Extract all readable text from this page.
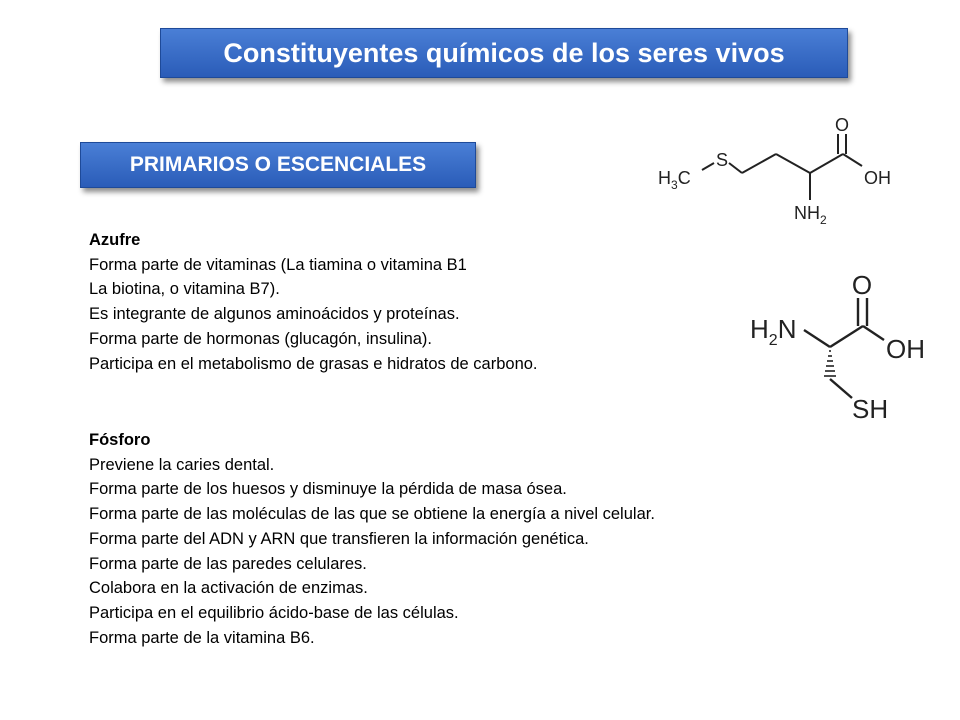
Constituyentes químicos de los seres vivos
PRIMARIOS O ESCENCIALES
Azufre
Forma parte de vitaminas (La tiamina o vitamina B1
La biotina, o vitamina B7).
Es integrante de algunos aminoácidos y proteínas.
Forma parte de hormonas (glucagón, insulina).
Participa en el metabolismo de grasas e hidratos de carbono.
Fósforo
Previene la caries dental.
Forma parte de los huesos y disminuye la pérdida de masa ósea.
Forma parte de las moléculas de las que se obtiene la energía a nivel celular.
Forma parte del ADN y ARN que transfieren la información genética.
Forma parte de las paredes celulares.
Colabora en la activación de enzimas.
Participa en el equilibrio ácido-base de las células.
Forma parte de la vitamina B6.
O
S
$H_3C$	OH
$NH_2$
O
$H_2N$
OH
SH
